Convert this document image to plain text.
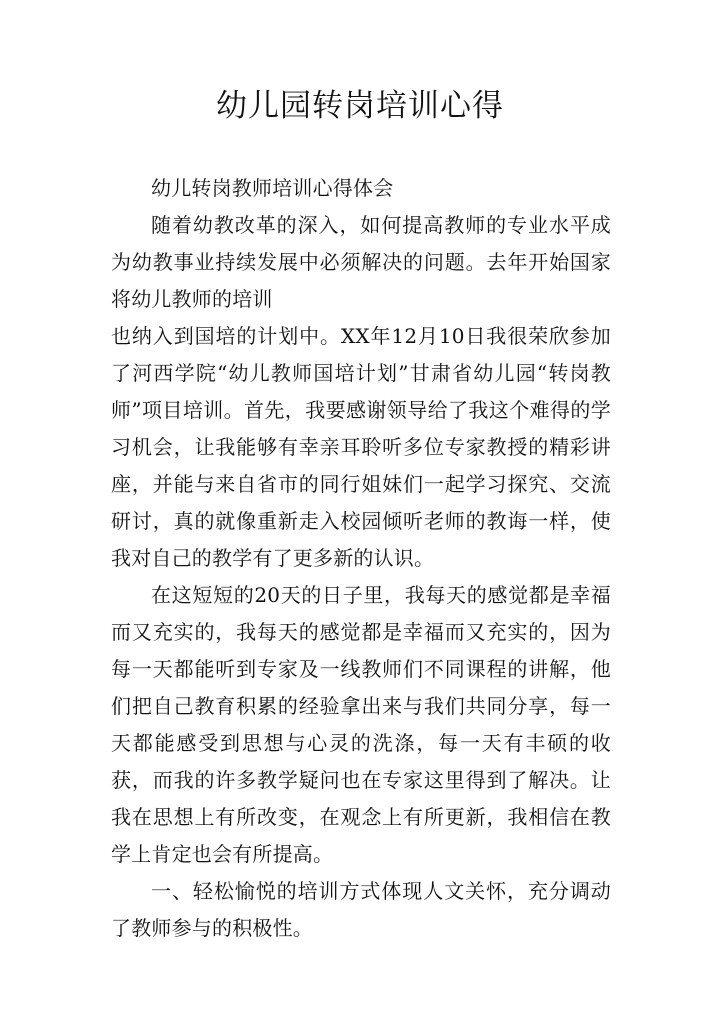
幼儿园转岗培训心得

幼儿转岗教师培训心得体会

随着幼教改革的深入，如何提高教师的专业水平成为幼教事业持续发展中必须解决的问题。去年开始国家将幼儿教师的培训

也纳入到国培的计划中。XX年12月10日我很荣欣参加了河西学院“幼儿教师国培计划”甘肃省幼儿园“转岗教师”项目培训。首先，我要感谢领导给了我这个难得的学习机会，让我能够有幸亲耳聆听多位专家教授的精彩讲座，并能与来自省市的同行姐妹们一起学习探究、交流研讨，真的就像重新走入校园倾听老师的教诲一样，使我对自己的教学有了更多新的认识。

在这短短的20天的日子里，我每天的感觉都是幸福而又充实的，我每天的感觉都是幸福而又充实的，因为每一天都能听到专家及一线教师们不同课程的讲解，他们把自己教育积累的经验拿出来与我们共同分享，每一天都能感受到思想与心灵的洗涤，每一天有丰硕的收获，而我的许多教学疑问也在专家这里得到了解决。让我在思想上有所改变，在观念上有所更新，我相信在教学上肯定也会有所提高。

一、轻松愉悦的培训方式体现人文关怀，充分调动了教师参与的积极性。
